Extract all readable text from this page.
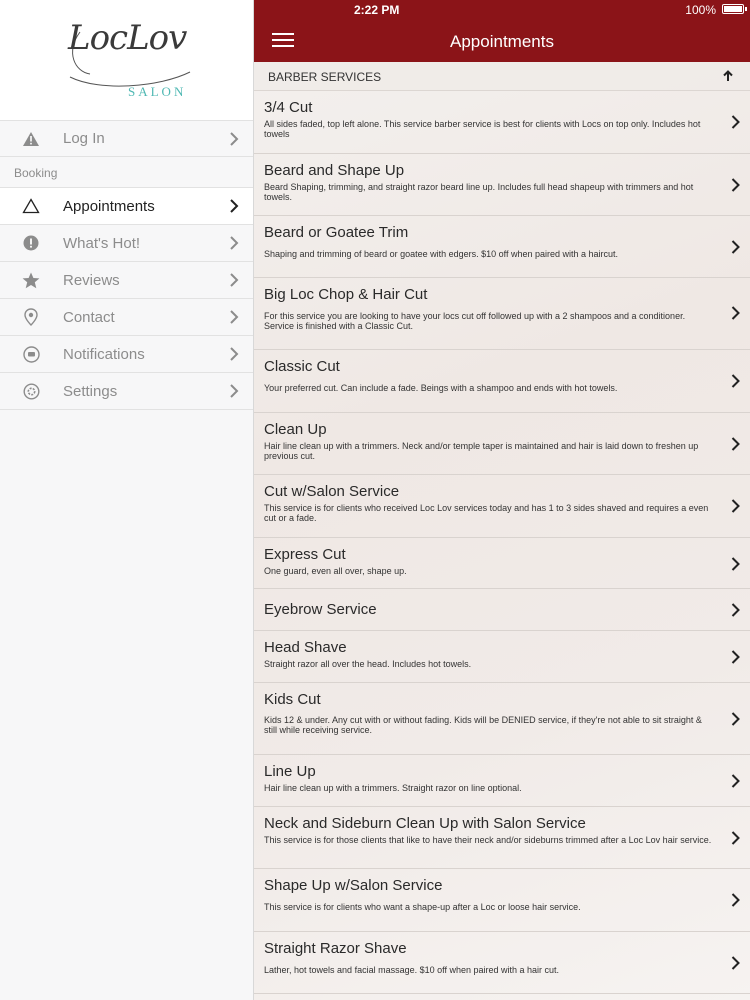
LocLov
SALON
Log In
Booking
Appointments
What's Hot!
Reviews
Contact
Notifications
Settings
2:22 PM	100%
Appointments
BARBER SERVICES
3/4 Cut
All sides faded, top left alone. This service barber service is best for clients with Locs on top only. Includes hot towels
Beard and Shape Up
Beard Shaping, trimming, and straight razor beard line up. Includes full head shapeup with trimmers and hot towels.
Beard or Goatee Trim
Shaping and trimming of beard or goatee with edgers. $10 off when paired with a haircut.
Big Loc Chop & Hair Cut
For this service you are looking to have your locs cut off followed up with a 2 shampoos and a conditioner. Service is finished with a Classic Cut.
Classic Cut
Your preferred cut. Can include a fade. Beings with a shampoo and ends with hot towels.
Clean Up
Hair line clean up with a trimmers. Neck and/or temple taper is maintained and hair is laid down to freshen up previous cut.
Cut w/Salon Service
This service is for clients who received Loc Lov services today and has 1 to 3 sides shaved and requires a even cut or a fade.
Express Cut
One guard, even all over, shape up.
Eyebrow Service
Head Shave
Straight razor all over the head. Includes hot towels.
Kids Cut
Kids 12 & under. Any cut with or without fading. Kids will be DENIED service, if they're not able to sit straight & still while receiving service.
Line Up
Hair line clean up with a trimmers. Straight razor on line optional.
Neck and Sideburn Clean Up with Salon Service
This service is for those clients that like to have their neck and/or sideburns trimmed after a Loc Lov hair service.
Shape Up w/Salon Service
This service is for clients who want a shape-up after a Loc or loose hair service.
Straight Razor Shave
Lather, hot towels and facial massage. $10 off when paired with a hair cut.
